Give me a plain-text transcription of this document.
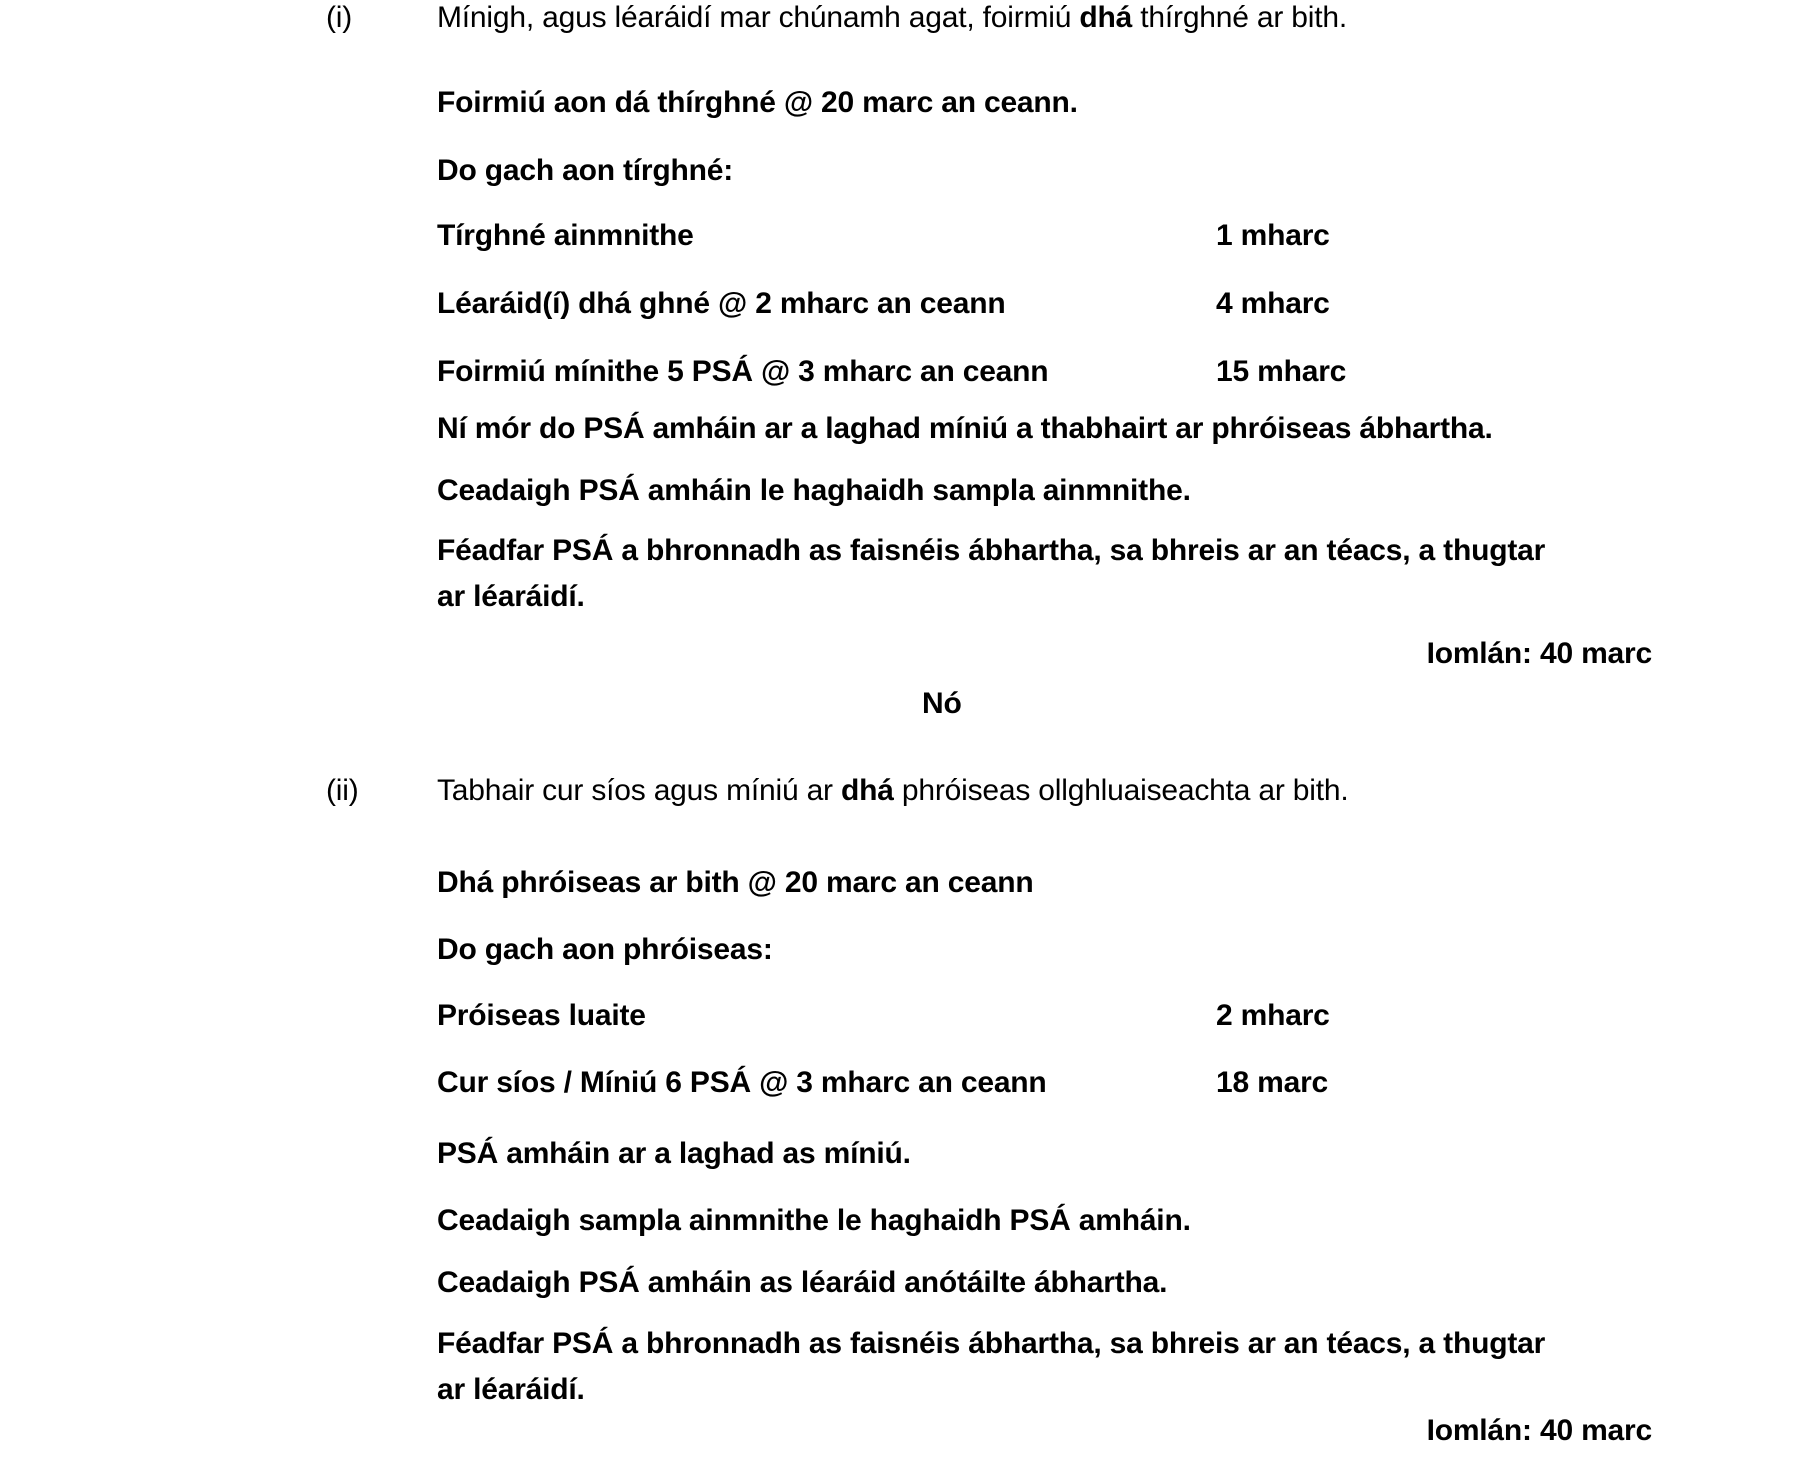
(i)	Mínigh, agus léaráidí mar chúnamh agat, foirmiú dhá thírghné ar bith.
Foirmiú aon dá thírghné @ 20 marc an ceann.
Do gach aon tírghné:
Tírghné ainmnithe	1 mharc
Léaráid(í) dhá ghné @ 2 mharc an ceann	4 mharc
Foirmiú mínithe 5 PSÁ @ 3 mharc an ceann	15 mharc
Ní mór do PSÁ amháin ar a laghad míniú a thabhairt ar phróiseas ábhartha.
Ceadaigh PSÁ amháin le haghaidh sampla ainmnithe.
Féadfar PSÁ a bhronnadh as faisnéis ábhartha, sa bhreis ar an téacs, a thugtar
ar léaráidí.
Iomlán: 40 marc
Nó
(ii)	Tabhair cur síos agus míniú ar dhá phróiseas ollghluaiseachta ar bith.
Dhá phróiseas ar bith @ 20 marc an ceann
Do gach aon phróiseas:
Próiseas luaite	2 mharc
Cur síos / Míniú 6 PSÁ @ 3 mharc an ceann	18 marc
PSÁ amháin ar a laghad as míniú.
Ceadaigh sampla ainmnithe le haghaidh PSÁ amháin.
Ceadaigh PSÁ amháin as léaráid anótáilte ábhartha.
Féadfar PSÁ a bhronnadh as faisnéis ábhartha, sa bhreis ar an téacs, a thugtar
ar léaráidí.
Iomlán: 40 marc
